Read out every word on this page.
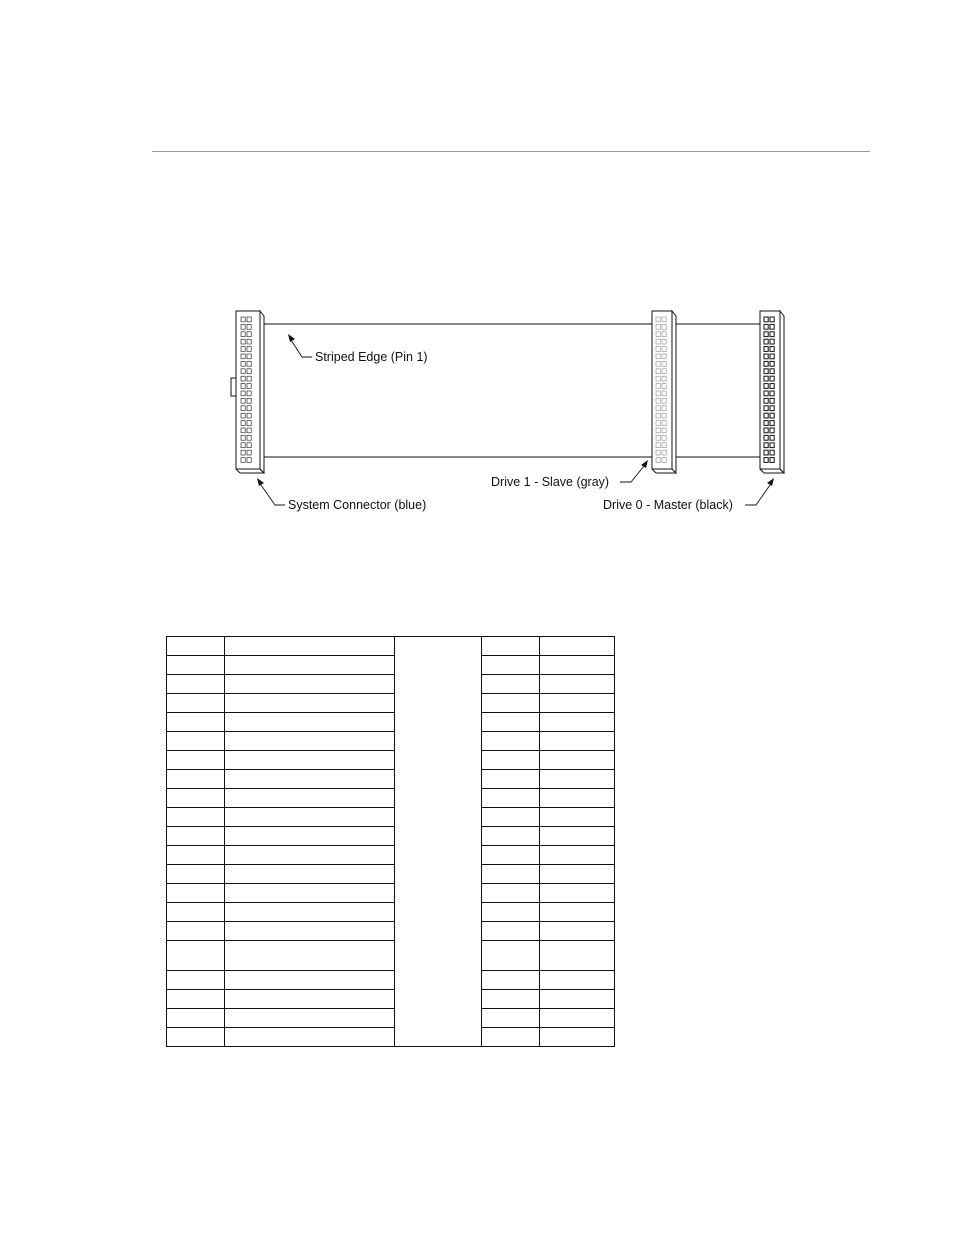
Striped Edge (Pin 1)
System Connector (blue)
Drive 1 - Slave (gray)
Drive 0 - Master (black)
